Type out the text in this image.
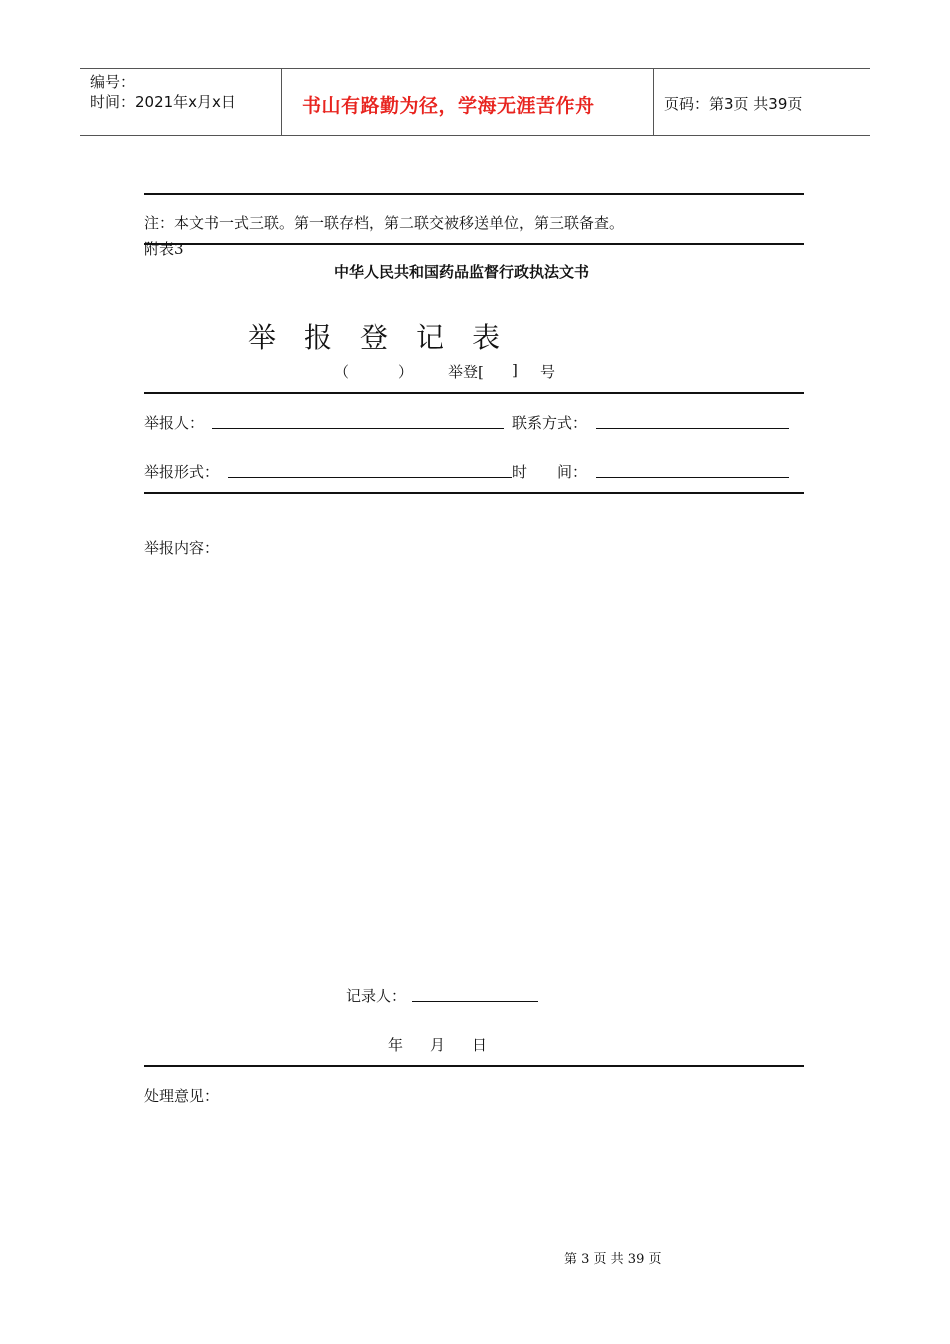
编号：
时间：2021年x月x日	书山有路勤为径，学海无涯苦作舟	页码：第3页 共39页
注：本文书一式三联。第一联存档，第二联交被移送单位，第三联备查。
附表3
中华人民共和国药品监督行政执法文书
举报登记表
（	） 举登[ ] 号
举报人：	联系方式：
举报形式：	时　　间：
举报内容：
记录人：
年 月 日
处理意见：
第 3 页 共 39 页
